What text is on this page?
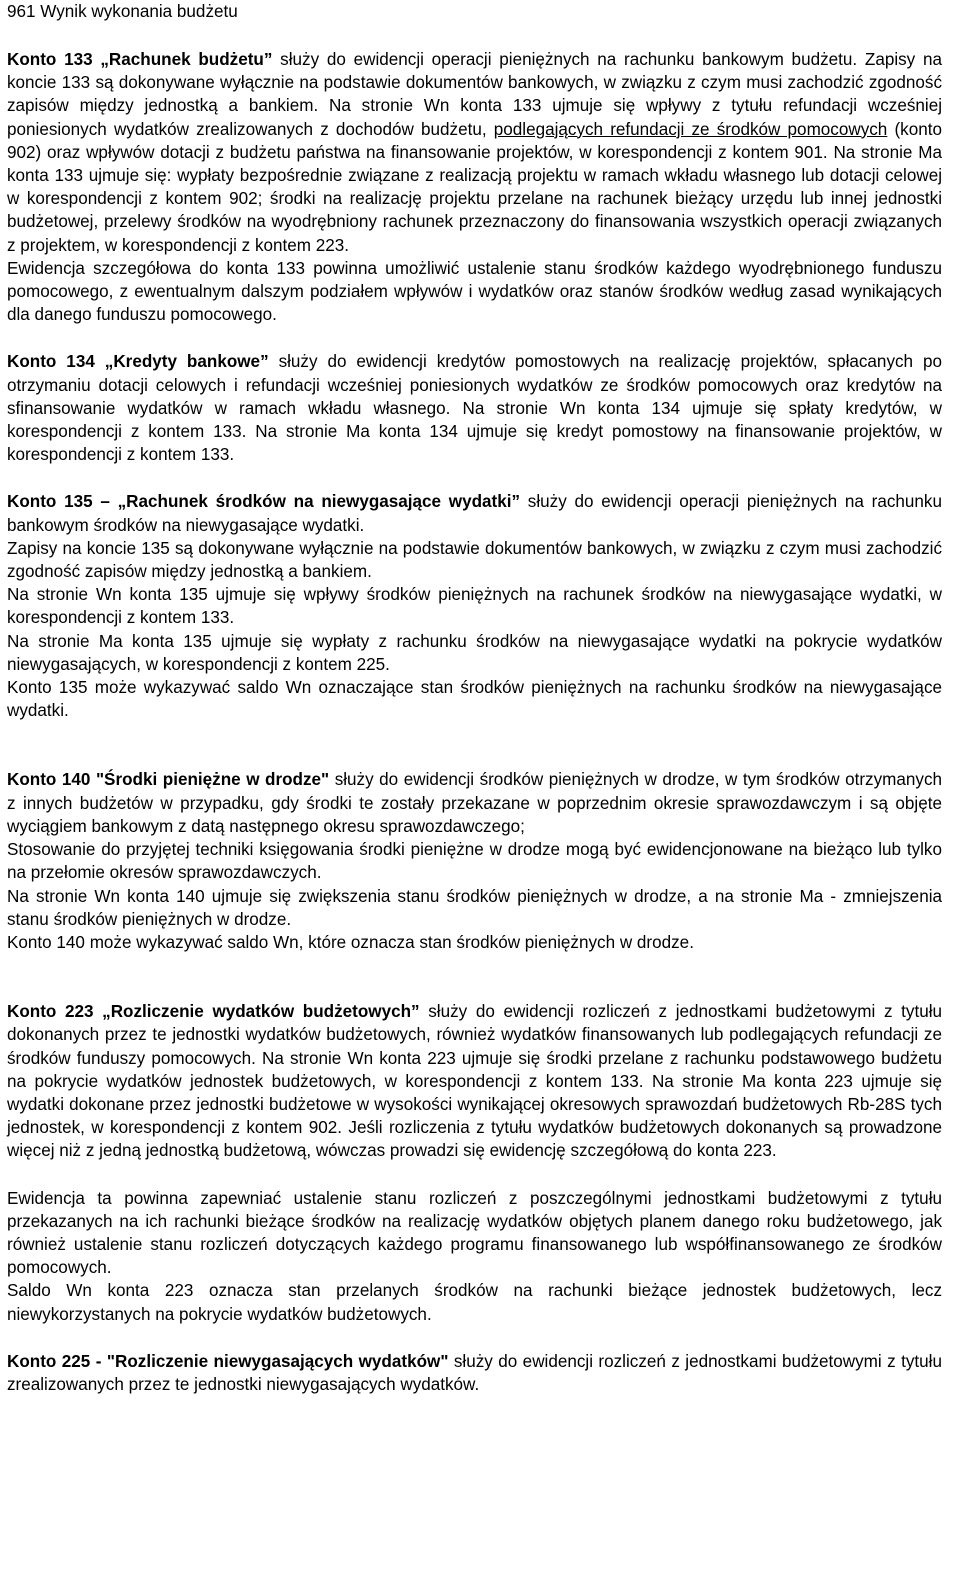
961 Wynik wykonania budżetu

Konto 133 „Rachunek budżetu” służy do ewidencji operacji pieniężnych na rachunku bankowym budżetu. Zapisy na koncie 133 są dokonywane wyłącznie na podstawie dokumentów bankowych, w związku z czym musi zachodzić zgodność zapisów między jednostką a bankiem. Na stronie Wn konta 133 ujmuje się wpływy z tytułu refundacji wcześniej poniesionych wydatków zrealizowanych z dochodów budżetu, podlegających refundacji ze środków pomocowych (konto 902) oraz wpływów dotacji z budżetu państwa na finansowanie projektów, w korespondencji z kontem 901. Na stronie Ma konta 133 ujmuje się: wypłaty bezpośrednie związane z realizacją projektu w ramach wkładu własnego lub dotacji celowej w korespondencji z kontem 902; środki na realizację projektu przelane na rachunek bieżący urzędu lub innej jednostki budżetowej, przelewy środków na wyodrębniony rachunek przeznaczony do finansowania wszystkich operacji związanych z projektem, w korespondencji z kontem 223.

Ewidencja szczegółowa do konta 133 powinna umożliwić ustalenie stanu środków każdego wyodrębnionego funduszu pomocowego, z ewentualnym dalszym podziałem wpływów i wydatków oraz stanów środków według zasad wynikających dla danego funduszu pomocowego.

Konto 134 „Kredyty bankowe” służy do ewidencji kredytów pomostowych na realizację projektów, spłacanych po otrzymaniu dotacji celowych i refundacji wcześniej poniesionych wydatków ze środków pomocowych oraz kredytów na sfinansowanie wydatków w ramach wkładu własnego. Na stronie Wn konta 134 ujmuje się spłaty kredytów, w korespondencji z kontem 133. Na stronie Ma konta 134 ujmuje się kredyt pomostowy na finansowanie projektów, w korespondencji z kontem 133.

Konto 135 – „Rachunek środków na niewygasające wydatki” służy do ewidencji operacji pieniężnych na rachunku bankowym środków na niewygasające wydatki.

Zapisy na koncie 135 są dokonywane wyłącznie na podstawie dokumentów bankowych, w związku z czym musi zachodzić zgodność zapisów między jednostką a bankiem.

Na stronie Wn konta 135 ujmuje się wpływy środków pieniężnych na rachunek środków na niewygasające wydatki, w korespondencji z kontem 133.

Na stronie Ma konta 135 ujmuje się wypłaty z rachunku środków na niewygasające wydatki na pokrycie wydatków niewygasających, w korespondencji z kontem 225.

Konto 135 może wykazywać saldo Wn oznaczające stan środków pieniężnych na rachunku środków na niewygasające wydatki.

Konto 140 "Środki pieniężne w drodze" służy do ewidencji środków pieniężnych w drodze, w tym środków otrzymanych z innych budżetów w przypadku, gdy środki te zostały przekazane w poprzednim okresie sprawozdawczym i są objęte wyciągiem bankowym z datą następnego okresu sprawozdawczego;

Stosowanie do przyjętej techniki księgowania środki pieniężne w drodze mogą być ewidencjonowane na bieżąco lub tylko na przełomie okresów sprawozdawczych.

Na stronie Wn konta 140 ujmuje się zwiększenia stanu środków pieniężnych w drodze, a na stronie Ma - zmniejszenia stanu środków pieniężnych w drodze.

Konto 140 może wykazywać saldo Wn, które oznacza stan środków pieniężnych w drodze.

Konto 223 „Rozliczenie wydatków budżetowych” służy do ewidencji rozliczeń z jednostkami budżetowymi z tytułu dokonanych przez te jednostki wydatków budżetowych, również wydatków finansowanych lub podlegających refundacji ze środków funduszy pomocowych. Na stronie Wn konta 223 ujmuje się środki przelane z rachunku podstawowego budżetu na pokrycie wydatków jednostek budżetowych, w korespondencji z kontem 133. Na stronie Ma konta 223 ujmuje się wydatki dokonane przez jednostki budżetowe w wysokości wynikającej okresowych sprawozdań budżetowych Rb-28S tych jednostek, w korespondencji z kontem 902. Jeśli rozliczenia z tytułu wydatków budżetowych dokonanych są prowadzone więcej niż z jedną jednostką budżetową, wówczas prowadzi się ewidencję szczegółową do konta 223.

Ewidencja ta powinna zapewniać ustalenie stanu rozliczeń z poszczególnymi jednostkami budżetowymi z tytułu przekazanych na ich rachunki bieżące środków na realizację wydatków objętych planem danego roku budżetowego, jak również ustalenie stanu rozliczeń dotyczących każdego programu finansowanego lub współfinansowanego ze środków pomocowych.

Saldo Wn konta 223 oznacza stan przelanych środków na rachunki bieżące jednostek budżetowych, lecz niewykorzystanych na pokrycie wydatków budżetowych.

Konto 225 - "Rozliczenie niewygasających wydatków" służy do ewidencji rozliczeń z jednostkami budżetowymi z tytułu zrealizowanych przez te jednostki niewygasających wydatków.
